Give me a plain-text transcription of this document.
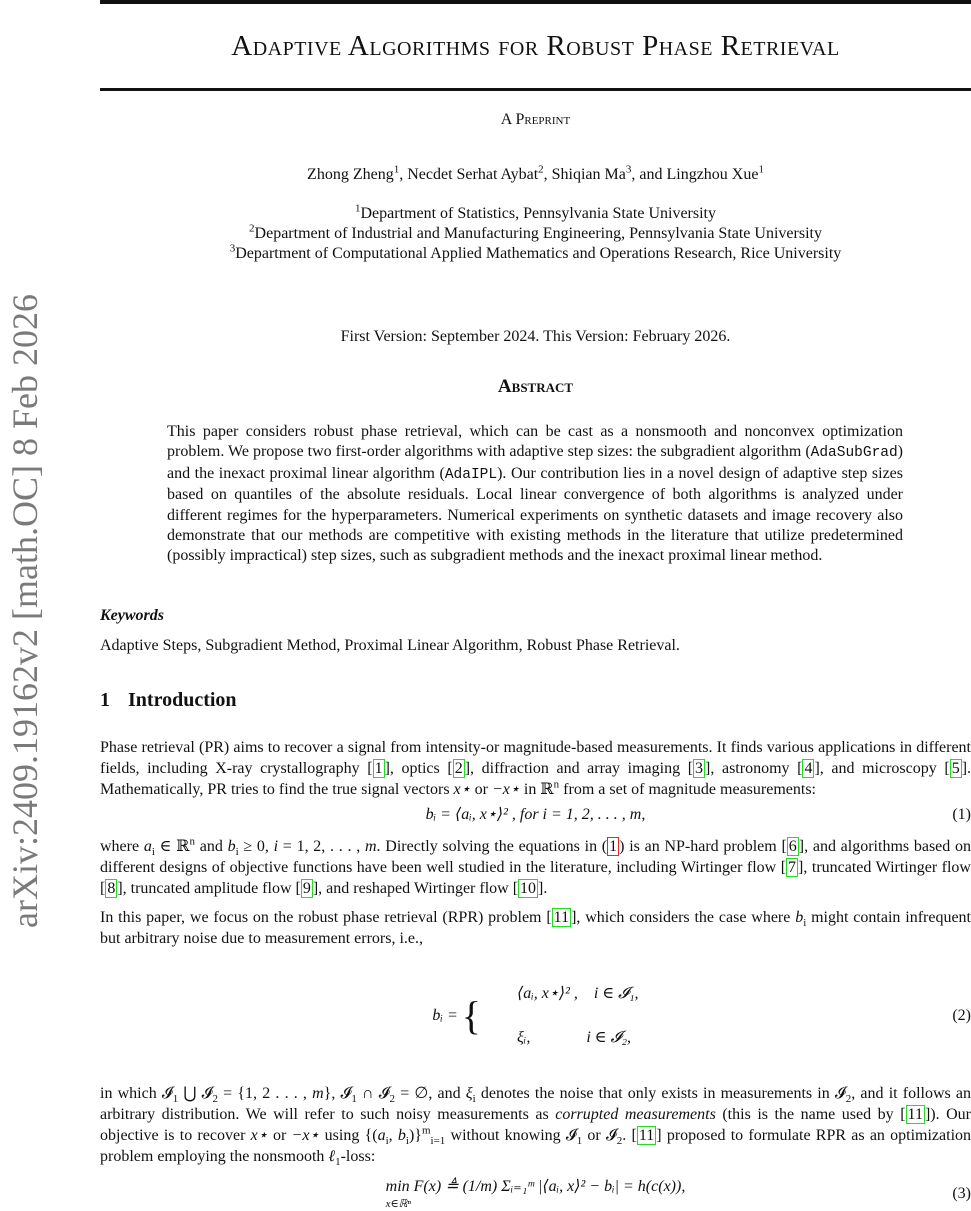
arXiv:2409.19162v2 [math.OC] 8 Feb 2026
Adaptive Algorithms for Robust Phase Retrieval
A Preprint
Zhong Zheng$^1$, Necdet Serhat Aybat$^2$, Shiqian Ma$^3$, and Lingzhou Xue$^1$
$^1$Department of Statistics, Pennsylvania State University
$^2$Department of Industrial and Manufacturing Engineering, Pennsylvania State University
$^3$Department of Computational Applied Mathematics and Operations Research, Rice University
First Version: September 2024. This Version: February 2026.
Abstract
This paper considers robust phase retrieval, which can be cast as a nonsmooth and nonconvex optimization problem. We propose two first-order algorithms with adaptive step sizes: the subgradient algorithm (AdaSubGrad) and the inexact proximal linear algorithm (AdaIPL). Our contribution lies in a novel design of adaptive step sizes based on quantiles of the absolute residuals. Local linear convergence of both algorithms is analyzed under different regimes for the hyperparameters. Numerical experiments on synthetic datasets and image recovery also demonstrate that our methods are competitive with existing methods in the literature that utilize predetermined (possibly impractical) step sizes, such as subgradient methods and the inexact proximal linear method.
Keywords
Adaptive Steps, Subgradient Method, Proximal Linear Algorithm, Robust Phase Retrieval.
1 Introduction
Phase retrieval (PR) aims to recover a signal from intensity-or magnitude-based measurements. It finds various applications in different fields, including X-ray crystallography [ 1 ], optics [ 2 ], diffraction and array imaging [ 3 ], astronomy [ 4 ], and microscopy [ 5 ]. Mathematically, PR tries to find the true signal vectors x⋆ or −x⋆ in ℝ$^n$ from a set of magnitude measurements:
bᵢ = ⟨aᵢ, x⋆⟩² , for i = 1, 2, . . . , m,	(1)
where $a_i$ ∈ ℝ$^n$ and $b_i \ge 0$, i = 1, 2, . . . , m. Directly solving the equations in ( 1 ) is an NP-hard problem [ 6 ], and algorithms based on different designs of objective functions have been well studied in the literature, including Wirtinger flow [ 7 ], truncated Wirtinger flow [ 8 ], truncated amplitude flow [ 9 ], and reshaped Wirtinger flow [ 10 ].
In this paper, we focus on the robust phase retrieval (RPR) problem [ 11 ], which considers the case where $b_i$ might contain infrequent but arbitrary noise due to measurement errors, i.e.,
bᵢ = {	⟨aᵢ, x⋆⟩² ,    i ∈ 𝓘₁,

ξᵢ,              i ∈ 𝓘₂,

(2)
in which 𝓘$_1$ ⋃ 𝓘$_2$ = {1, 2 . . . , m}, 𝓘$_1$ ∩ 𝓘$_2$ = ∅, and $\xi_i$ denotes the noise that only exists in measurements in 𝓘$_2$, and it follows an arbitrary distribution. We will refer to such noisy measurements as corrupted measurements (this is the name used by [ 11 ]). Our objective is to recover x⋆ or −x⋆ using {($a_i$, $b_i)\}^m_{i=1}$ without knowing 𝓘$_1$ or 𝓘$_2$. [ 11 ] proposed to formulate RPR as an optimization problem employing the nonsmooth ℓ$_1$-loss:
min F(x) ≜ (1/m) Σᵢ₌₁ᵐ |⟨aᵢ, x⟩² − bᵢ| = h(c(x)),
x∈ℝⁿ
(3)
